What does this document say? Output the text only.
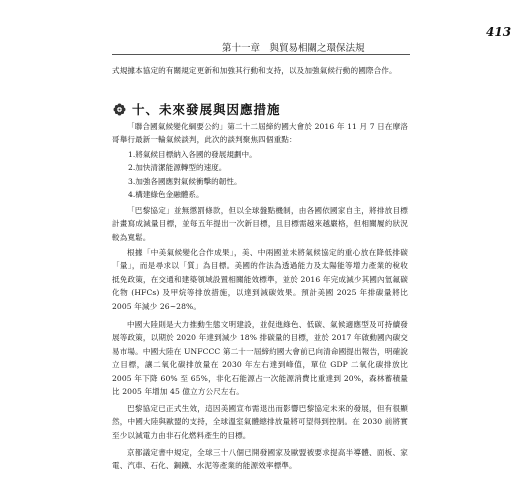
413
第十一章　與貿易相關之環保法規
式規據本協定的有關規定更新和加強其行動和支持，以及加強氣候行動的國際合作。
十、未來發展與因應措施
「聯合國氣候變化綱要公約」第二十二屆締約國大會於 2016 年 11 月 7 日在摩洛哥舉行最新一輪氣候談判，此次的談判聚焦四個重點：
1.將氣候目標納入各國的發展規劃中。
2.加快清潔能源轉型的速度。
3.加強各國應對氣候衝擊的韌性。
4.構建綠色金融體系。
「巴黎協定」並無懲罰條款，但以全球盤點機制，由各國依國家自主，將排放目標計畫寫成減量目標，並每五年提出一次新目標，且目標需越來越嚴格，但相關履約狀況較為寬鬆。
根據「中美氣候變化合作成果」，美、中兩國並未將氣候協定的重心放在降低排碳「量」，而是尋求以「質」為目標。美國的作法為透過能力及太陽能等增力產業的稅收抵免政策，在交通和建築領域設置相關能效標準，並於 2016 年完成減少其國內氫氟碳化物 (HFCs) 及甲烷等排放措施，以達到減碳效果。預計美國 2025 年排碳量將比 2005 年減少 26~28%。
中國大陸則是大力推動生態文明建設，並促進綠色、低碳、氣候適應型及可持續發展等政策，以期於 2020 年達到減少 18% 排碳量的目標，並於 2017 年啟動國內碳交易市場。中國大陸在 UNFCCC 第二十一屆締約國大會前已向清命國提出報告，明確說立目標，讓二氧化碳排放量在 2030 年左右達到峰值，單位 GDP 二氧化碳排放比 2005 年下降 60% 至 65%，非化石能源占一次能源消費比重達到 20%，森林蓄積量比 2005 年增加 45 億立方公尺左右。
巴黎協定已正式生效，這因美國宣布需退出而影響巴黎協定未來的發展，但有很顯然，中國大陸與歐盟的支持，全球溫室氣體總排放量將可望得到控制。在 2030 前將實至少以減電力由非石化燃料產生的目標。
京都議定書中規定，全球三十八個已開發國家及歐盟被要求提高半導體、面板、家電、汽車、石化、鋼鐵、水泥等產業的能源效率標準。
